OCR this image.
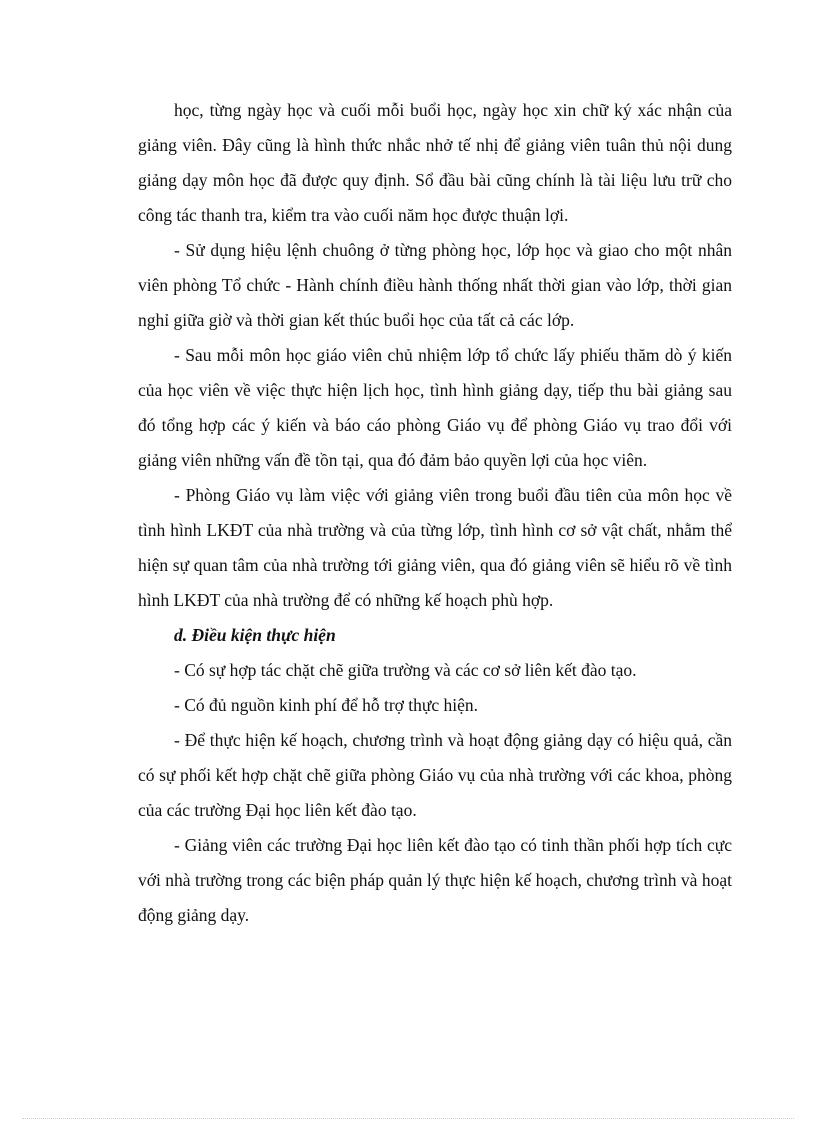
học, từng ngày học và cuối mỗi buổi học, ngày học xin chữ ký xác nhận của giảng viên. Đây cũng là hình thức nhắc nhở tế nhị để giảng viên tuân thủ nội dung giảng dạy môn học đã được quy định. Sổ đầu bài cũng chính là tài liệu lưu trữ cho công tác thanh tra, kiểm tra vào cuối năm học được thuận lợi.

- Sử dụng hiệu lệnh chuông ở từng phòng học, lớp học và giao cho một nhân viên phòng Tổ chức - Hành chính điều hành thống nhất thời gian vào lớp, thời gian nghỉ giữa giờ và thời gian kết thúc buổi học của tất cả các lớp.

- Sau mỗi môn học giáo viên chủ nhiệm lớp tổ chức lấy phiếu thăm dò ý kiến của học viên về việc thực hiện lịch học, tình hình giảng dạy, tiếp thu bài giảng sau đó tổng hợp các ý kiến và báo cáo phòng Giáo vụ để phòng Giáo vụ trao đổi với giảng viên những vấn đề tồn tại, qua đó đảm bảo quyền lợi của học viên.

- Phòng Giáo vụ làm việc với giảng viên trong buổi đầu tiên của môn học về tình hình LKĐT của nhà trường và của từng lớp, tình hình cơ sở vật chất, nhằm thể hiện sự quan tâm của nhà trường tới giảng viên, qua đó giảng viên sẽ hiểu rõ về tình hình LKĐT của nhà trường để có những kế hoạch phù hợp.

d. Điều kiện thực hiện

- Có sự hợp tác chặt chẽ giữa trường và các cơ sở liên kết đào tạo.

- Có đủ nguồn kinh phí để hỗ trợ thực hiện.

- Để thực hiện kế hoạch, chương trình và hoạt động giảng dạy có hiệu quả, cần có sự phối kết hợp chặt chẽ giữa phòng Giáo vụ của nhà trường với các khoa, phòng của các trường Đại học liên kết đào tạo.

- Giảng viên các trường Đại học liên kết đào tạo có tinh thần phối hợp tích cực với nhà trường trong các biện pháp quản lý thực hiện kế hoạch, chương trình và hoạt động giảng dạy.
